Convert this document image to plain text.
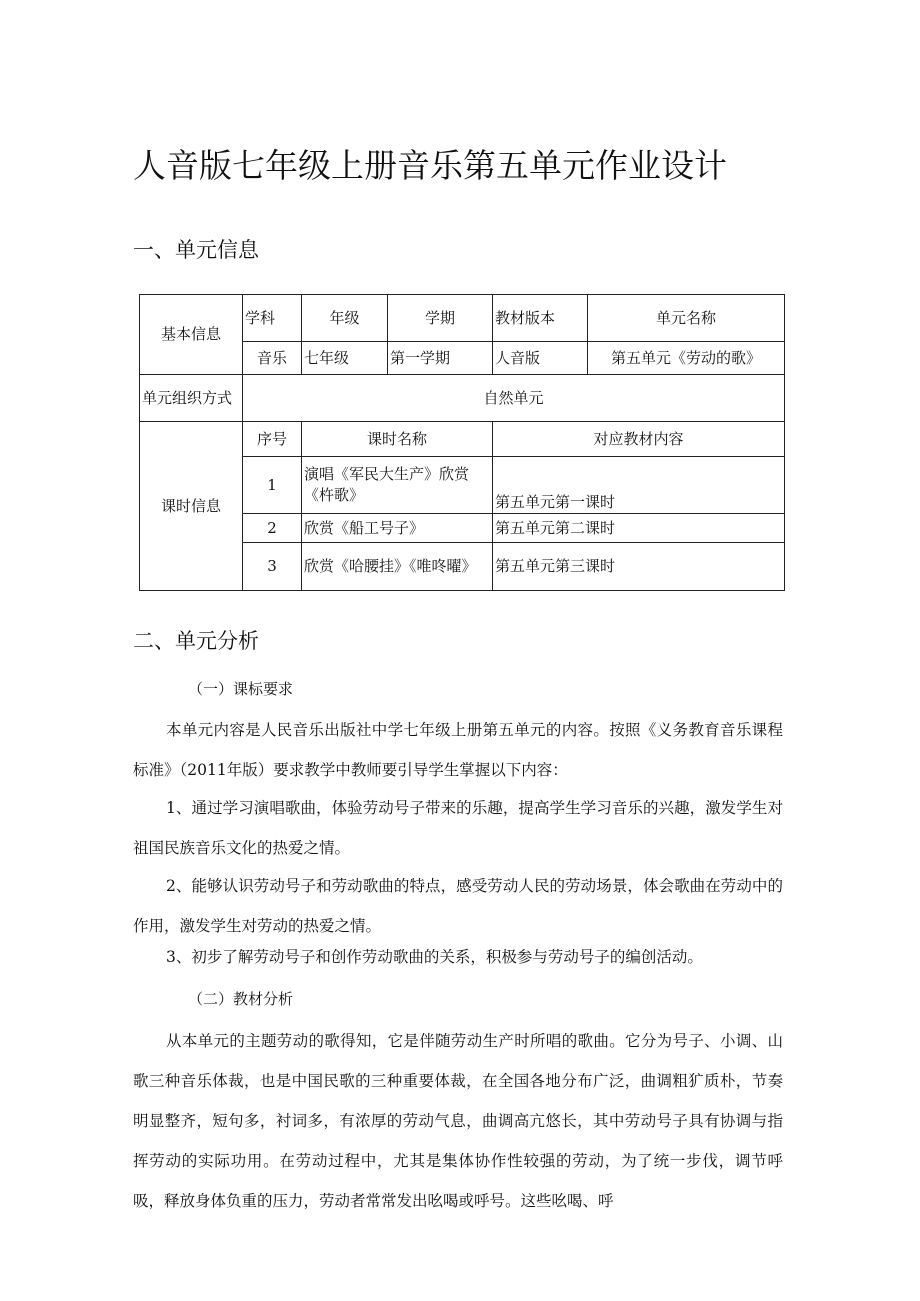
人音版七年级上册音乐第五单元作业设计
一、单元信息
基本信息	学科	年级	学期	教材版本	单元名称
	音乐	七年级	第一学期	人音版	第五单元《劳动的歌》
单元组织方式	自然单元				
课时信息	序号	课时名称		对应教材内容	
	1	演唱《军民大生产》欣赏《杵歌》		第五单元第一课时	
	2	欣赏《船工号子》		第五单元第二课时	
	3	欣赏《哈腰挂》《唯咚曜》		第五单元第三课时	
二、单元分析
（一）课标要求

本单元内容是人民音乐出版社中学七年级上册第五单元的内容。按照《义务教育音乐课程标准》（2011年版）要求教学中教师要引导学生掌握以下内容：

1、通过学习演唱歌曲，体验劳动号子带来的乐趣，提高学生学习音乐的兴趣，激发学生对祖国民族音乐文化的热爱之情。

2、能够认识劳动号子和劳动歌曲的特点，感受劳动人民的劳动场景，体会歌曲在劳动中的作用，激发学生对劳动的热爱之情。

3、初步了解劳动号子和创作劳动歌曲的关系，积极参与劳动号子的编创活动。

（二）教材分析

从本单元的主题劳动的歌得知，它是伴随劳动生产时所唱的歌曲。它分为号子、小调、山歌三种音乐体裁，也是中国民歌的三种重要体裁，在全国各地分布广泛，曲调粗犷质朴，节奏明显整齐，短句多，衬词多，有浓厚的劳动气息，曲调高亢悠长，其中劳动号子具有协调与指挥劳动的实际功用。在劳动过程中，尤其是集体协作性较强的劳动，为了统一步伐，调节呼吸，释放身体负重的压力，劳动者常常发出吆喝或呼号。这些吆喝、呼
